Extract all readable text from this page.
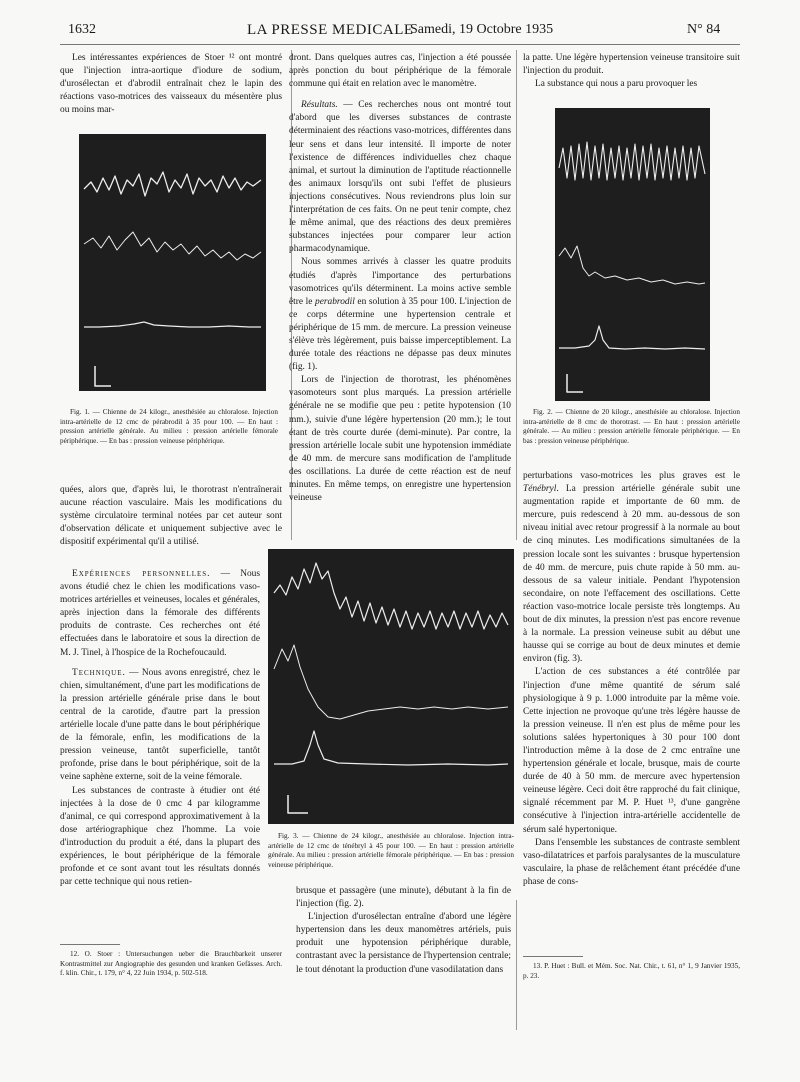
1632	LA PRESSE MEDICALE
Samedi, 19 Octobre 1935	N° 84

Les intéressantes expériences de Stoer ¹² ont montré que l'injection intra-aortique d'iodure de sodium, d'urosélectan et d'abrodil entraînait chez le lapin des réactions vaso-motrices des vaisseaux du mésentère plus ou moins mar-

Fig. 1. — Chienne de 24 kilogr., anesthésiée au chloralose. Injection intra-artérielle de 12 cmc de pérabrodil à 35 pour 100. — En haut : pression artérielle générale. Au milieu : pression artérielle fémorale périphérique. — En bas : pression veineuse périphérique.

quées, alors que, d'après lui, le thorotrast n'entraînerait aucune réaction vasculaire. Mais les modifications du système circulatoire terminal notées par cet auteur sont d'observation délicate et uniquement subjective avec le dispositif expérimental qu'il a utilisé.

Expériences personnelles. — Nous avons étudié chez le chien les modifications vaso-motrices artérielles et veineuses, locales et générales, après injection dans la fémorale des différents produits de contraste. Ces recherches ont été effectuées dans le laboratoire et sous la direction de M. J. Tinel, à l'hospice de la Rochefoucauld.

Technique. — Nous avons enregistré, chez le chien, simultanément, d'une part les modifications de la pression artérielle générale prise dans le bout central de la carotide, d'autre part la pression artérielle locale d'une patte dans le bout périphérique de la fémorale, enfin, les modifications de la pression veineuse, tantôt superficielle, tantôt profonde, prise dans le bout périphérique, soit de la veine saphène externe, soit de la veine fémorale.

Les substances de contraste à étudier ont été injectées à la dose de 0 cmc 4 par kilogramme d'animal, ce qui correspond approximativement à la dose artériographique chez l'homme. La voie d'introduction du produit a été, dans la plupart des expériences, le bout périphérique de la fémorale profonde et ce sont avant tout les résultats donnés par cette technique qui nous retien-

dront. Dans quelques autres cas, l'injection a été poussée après ponction du bout périphérique de la fémorale commune qui était en relation avec le manomètre.

Résultats. — Ces recherches nous ont montré tout d'abord que les diverses substances de contraste déterminaient des réactions vaso-motrices, différentes dans leur sens et dans leur intensité. Il importe de noter l'existence de différences individuelles chez chaque animal, et surtout la diminution de l'aptitude réactionnelle des animaux lorsqu'ils ont subi l'effet de plusieurs injections consécutives. Nous reviendrons plus loin sur l'interprétation de ces faits. On ne peut tenir compte, chez le même animal, que des réactions des deux premières substances injectées pour comparer leur action pharmacodynamique.

Nous sommes arrivés à classer les quatre produits étudiés d'après l'importance des perturbations vasomotrices qu'ils déterminent. La moins active semble être le perabrodil en solution à 35 pour 100. L'injection de ce corps détermine une hypertension centrale et périphérique de 15 mm. de mercure. La pression veineuse s'élève très légèrement, puis baisse imperceptiblement. La durée totale des réactions ne dépasse pas deux minutes (fig. 1).

Lors de l'injection de thorotrast, les phénomènes vasomoteurs sont plus marqués. La pression artérielle générale ne se modifie que peu : petite hypotension (10 mm.), suivie d'une légère hypertension (20 mm.); le tout étant de très courte durée (demi-minute). Par contre, la pression artérielle locale subit une hypotension immédiate de 40 mm. de mercure sans modification de l'amplitude des oscillations. La durée de cette réaction est de neuf minutes. En même temps, on enregistre une hypertension veineuse

Fig. 3. — Chienne de 24 kilogr., anesthésiée au chloralose. Injection intra-artérielle de 12 cmc de ténébryl à 45 pour 100. — En haut : pression artérielle générale. Au milieu : pression artérielle fémorale périphérique. — En bas : pression veineuse périphérique.

brusque et passagère (une minute), débutant à la fin de l'injection (fig. 2).

L'injection d'urosélectan entraîne d'abord une légère hypertension dans les deux manomètres artériels, puis produit une hypotension périphérique durable, contrastant avec la persistance de l'hypertension centrale; le tout dénotant la production d'une vasodilatation dans

la patte. Une légère hypertension veineuse transitoire suit l'injection du produit.

La substance qui nous a paru provoquer les

Fig. 2. — Chienne de 20 kilogr., anesthésiée au chloralose. Injection intra-artérielle de 8 cmc de thorotrast. — En haut : pression artérielle générale. — Au milieu : pression artérielle fémorale périphérique. — En bas : pression veineuse périphérique.

perturbations vaso-motrices les plus graves est le Ténébryl. La pression artérielle générale subit une augmentation rapide et importante de 60 mm. de mercure, puis redescend à 20 mm. au-dessous de son niveau initial avec retour progressif à la normale au bout de cinq minutes. Les modifications simultanées de la pression locale sont les suivantes : brusque hypertension de 40 mm. de mercure, puis chute rapide à 50 mm. au-dessous de sa valeur initiale. Pendant l'hypotension secondaire, on note l'effacement des oscillations. Cette réaction vaso-motrice locale persiste très longtemps. Au bout de dix minutes, la pression n'est pas encore revenue à la normale. La pression veineuse subit au début une hausse qui se corrige au bout de deux minutes et demie environ (fig. 3).

L'action de ces substances a été contrôlée par l'injection d'une même quantité de sérum salé physiologique à 9 p. 1.000 introduite par la même voie. Cette injection ne provoque qu'une très légère hausse de la pression veineuse. Il n'en est plus de même pour les solutions salées hypertoniques à 30 pour 100 dont l'introduction même à la dose de 2 cmc entraîne une hypertension générale et locale, brusque, mais de courte durée de 40 à 50 mm. de mercure avec hypertension veineuse légère. Ceci doit être rapproché du fait clinique, signalé récemment par M. P. Huet ¹³, d'une gangrène consécutive à l'injection intra-artérielle accidentelle de sérum salé hypertonique.

Dans l'ensemble les substances de contraste semblent vaso-dilatatrices et parfois paralysantes de la musculature vasculaire, la phase de relâchement étant précédée d'une phase de cons-

12. O. Stoer : Untersuchungen ueber die Brauchbarkeit unserer Kontrastmittel zur Angiographie des gesunden und kranken Gefässes. Arch. f. klin. Chir., t. 179, n° 4, 22 Juin 1934, p. 502-518.

13. P. Huet : Bull. et Mém. Soc. Nat. Chir., t. 61, n° 1, 9 Janvier 1935, p. 23.
